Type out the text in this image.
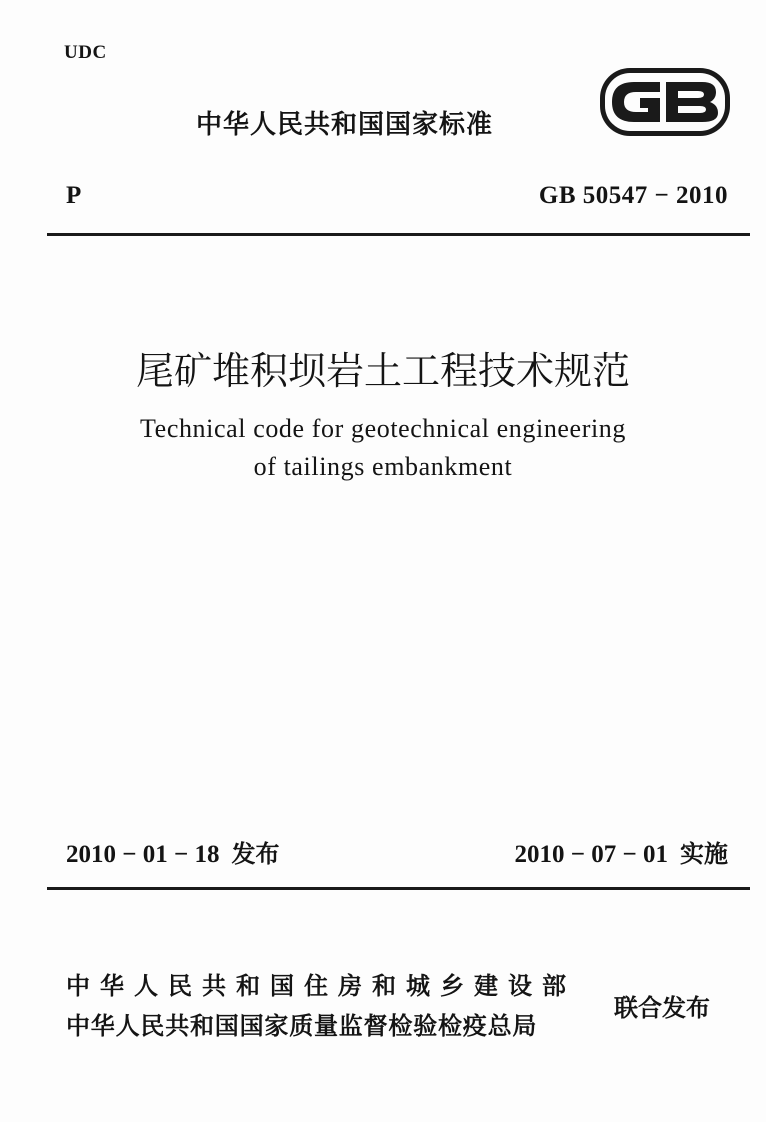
UDC
中华人民共和国国家标准
P	GB 50547 − 2010
尾矿堆积坝岩土工程技术规范
Technical code for geotechnical engineering
of tailings embankment
2010 − 01 − 18 发布	2010 − 07 − 01 实施
中华人民共和国住房和城乡建设部
中华人民共和国国家质量监督检验检疫总局
联合发布
